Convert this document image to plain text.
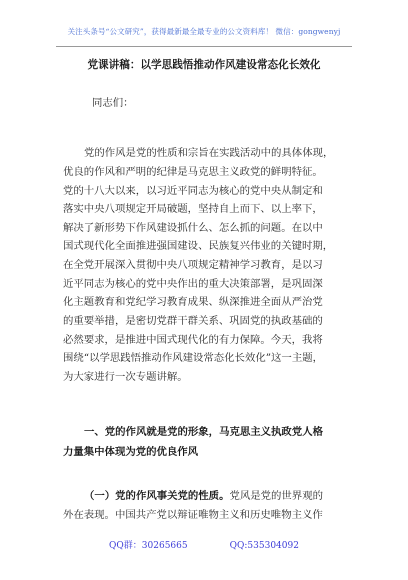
关注头条号“公文研究”，获得最新最全最专业的公文资料库！ 微信：gongwenyj
党课讲稿：以学思践悟推动作风建设常态化长效化
同志们：
党的作风是党的性质和宗旨在实践活动中的具体体现，
优良的作风和严明的纪律是马克思主义政党的鲜明特征。
党的十八大以来，以习近平同志为核心的党中央从制定和
落实中央八项规定开局破题，坚持自上而下、以上率下，
解决了新形势下作风建设抓什么、怎么抓的问题。在以中
国式现代化全面推进强国建设、民族复兴伟业的关键时期，
在全党开展深入贯彻中央八项规定精神学习教育，是以习
近平同志为核心的党中央作出的重大决策部署，是巩固深
化主题教育和党纪学习教育成果、纵深推进全面从严治党
的重要举措，是密切党群干群关系、巩固党的执政基础的
必然要求，是推进中国式现代化的有力保障。今天，我将
围绕“以学思践悟推动作风建设常态化长效化”这一主题，
为大家进行一次专题讲解。
一、党的作风就是党的形象，马克思主义执政党人格
力量集中体现为党的优良作风
（一）党的作风事关党的性质。党风是党的世界观的
外在表现。中国共产党以辩证唯物主义和历史唯物主义作
QQ群：30265665	QQ:535304092
